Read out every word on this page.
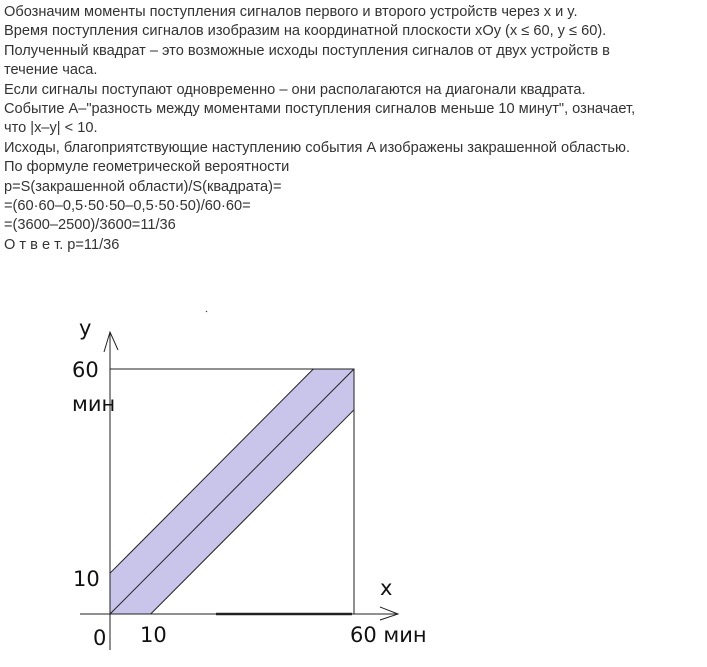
Обозначим моменты поступления сигналов первого и второго устройств через x и y.
Время поступления сигналов изобразим на координатной плоскости xOy (x ≤ 60, y ≤ 60).
Полученный квадрат – это возможные исходы поступления сигналов от двух устройств в
течение часа.
Если сигналы поступают одновременно – они располагаются на диагонали квадрата.
Событие A–"разность между моментами поступления сигналов меньше 10 минут", означает,
что |x–y| < 10.
Исходы, благоприятствующие наступлению события A изображены закрашенной областью.
По формуле геометрической вероятности
p=S(закрашенной области)/S(квадрата)=
=(60·60–0,5·50·50–0,5·50·50)/60·60=
=(3600–2500)/3600=11/36
О т в е т. p=11/36
y
x
60
мин
10
0 10	60 мин
